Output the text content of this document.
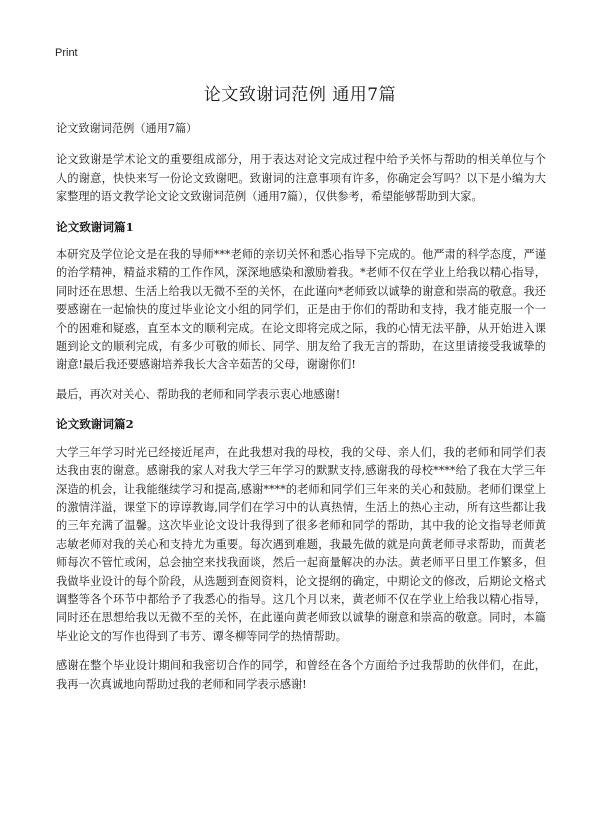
Print
论文致谢词范例 通用7篇

论文致谢词范例（通用7篇）

论文致谢是学术论文的重要组成部分，用于表达对论文完成过程中给予关怀与帮助的相关单位与个人的谢意，快快来写一份论文致谢吧。致谢词的注意事项有许多，你确定会写吗？以下是小编为大家整理的语文教学论文论文致谢词范例（通用7篇），仅供参考，希望能够帮助到大家。

论文致谢词篇1

本研究及学位论文是在我的导师***老师的亲切关怀和悉心指导下完成的。他严肃的科学态度，严谨的治学精神，精益求精的工作作风，深深地感染和激励着我。*老师不仅在学业上给我以精心指导，同时还在思想、生活上给我以无微不至的关怀，在此谨向*老师致以诚挚的谢意和崇高的敬意。我还要感谢在一起愉快的度过毕业论文小组的同学们，正是由于你们的帮助和支持，我才能克服一个一个的困难和疑惑，直至本文的顺利完成。在论文即将完成之际，我的心情无法平静，从开始进入课题到论文的顺利完成，有多少可敬的师长、同学、朋友给了我无言的帮助，在这里请接受我诚挚的谢意!最后我还要感谢培养我长大含辛茹苦的父母，谢谢你们!

最后，再次对关心、帮助我的老师和同学表示衷心地感谢!

论文致谢词篇2

大学三年学习时光已经接近尾声，在此我想对我的母校，我的父母、亲人们，我的老师和同学们表达我由衷的谢意。感谢我的家人对我大学三年学习的默默支持,感谢我的母校****给了我在大学三年深造的机会，让我能继续学习和提高,感谢****的老师和同学们三年来的关心和鼓励。老师们课堂上的激情洋溢，课堂下的谆谆教诲,同学们在学习中的认真热情，生活上的热心主动，所有这些都让我的三年充满了温馨。这次毕业论文设计我得到了很多老师和同学的帮助，其中我的论文指导老师黄志敏老师对我的关心和支持尤为重要。每次遇到难题，我最先做的就是向黄老师寻求帮助，而黄老师每次不管忙或闲，总会抽空来找我面谈，然后一起商量解决的办法。黄老师平日里工作繁多，但我做毕业设计的每个阶段，从选题到查阅资料，论文提纲的确定，中期论文的修改，后期论文格式调整等各个环节中都给予了我悉心的指导。这几个月以来，黄老师不仅在学业上给我以精心指导，同时还在思想给我以无微不至的关怀，在此谨向黄老师致以诚挚的谢意和崇高的敬意。同时，本篇毕业论文的写作也得到了韦芳、谭冬柳等同学的热情帮助。

感谢在整个毕业设计期间和我密切合作的同学，和曾经在各个方面给予过我帮助的伙伴们，在此，我再一次真诚地向帮助过我的老师和同学表示感谢!
